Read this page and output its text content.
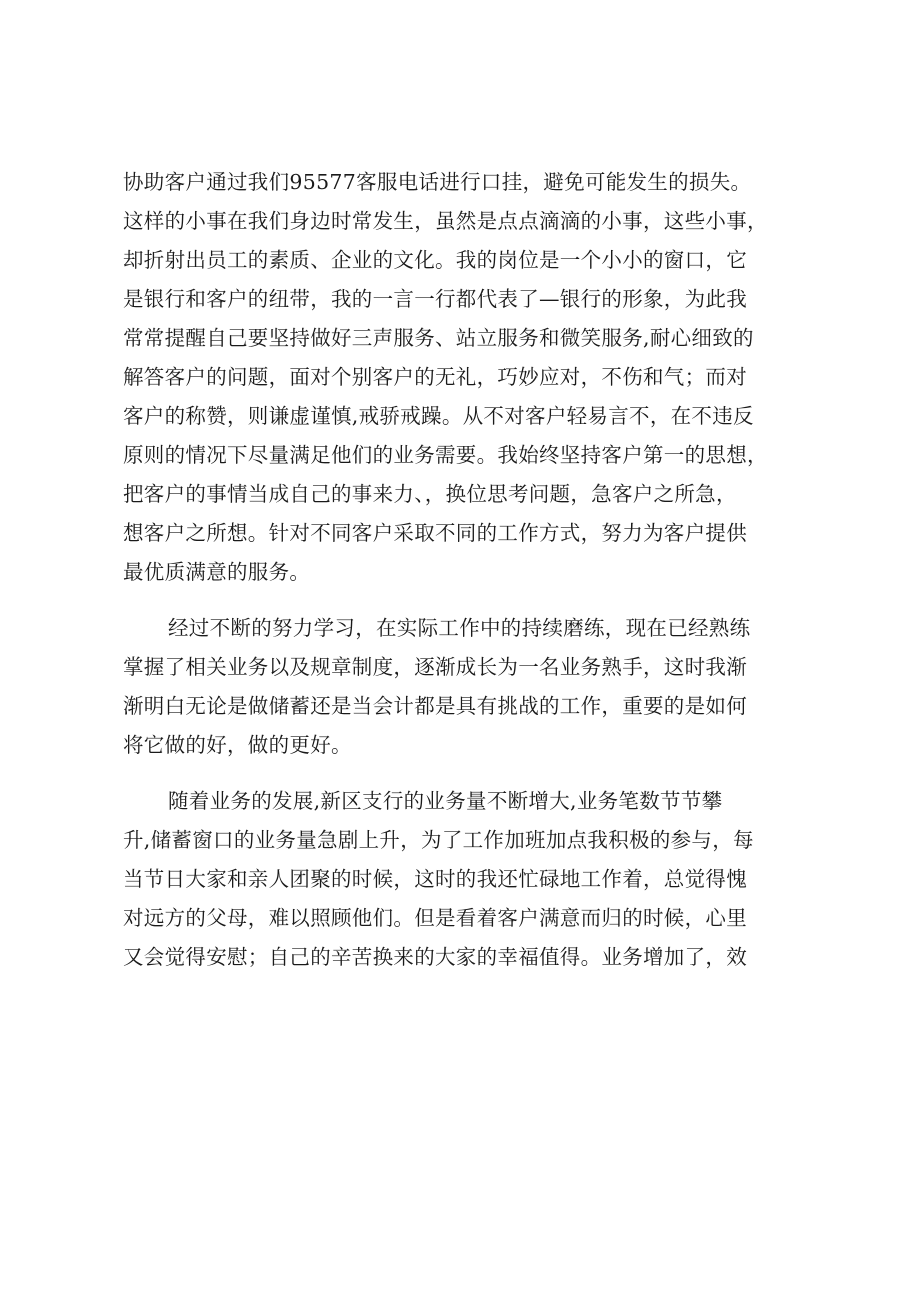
协助客户通过我们95577客服电话进行口挂，避免可能发生的损失。
这样的小事在我们身边时常发生，虽然是点点滴滴的小事，这些小事，
却折射出员工的素质、企业的文化。我的岗位是一个小小的窗口，它
是银行和客户的纽带，我的一言一行都代表了—银行的形象，为此我
常常提醒自己要坚持做好三声服务、站立服务和微笑服务,耐心细致的
解答客户的问题，面对个别客户的无礼，巧妙应对，不伤和气；而对
客户的称赞，则谦虚谨慎,戒骄戒躁。从不对客户轻易言不，在不违反
原则的情况下尽量满足他们的业务需要。我始终坚持客户第一的思想，
把客户的事情当成自己的事来力、，换位思考问题，急客户之所急，
想客户之所想。针对不同客户采取不同的工作方式，努力为客户提供
最优质满意的服务。
经过不断的努力学习，在实际工作中的持续磨练，现在已经熟练
掌握了相关业务以及规章制度，逐渐成长为一名业务熟手，这时我渐
渐明白无论是做储蓄还是当会计都是具有挑战的工作，重要的是如何
将它做的好，做的更好。
随着业务的发展,新区支行的业务量不断增大,业务笔数节节攀
升,储蓄窗口的业务量急剧上升，为了工作加班加点我积极的参与，每
当节日大家和亲人团聚的时候，这时的我还忙碌地工作着，总觉得愧
对远方的父母，难以照顾他们。但是看着客户满意而归的时候，心里
又会觉得安慰；自己的辛苦换来的大家的幸福值得。业务增加了，效
